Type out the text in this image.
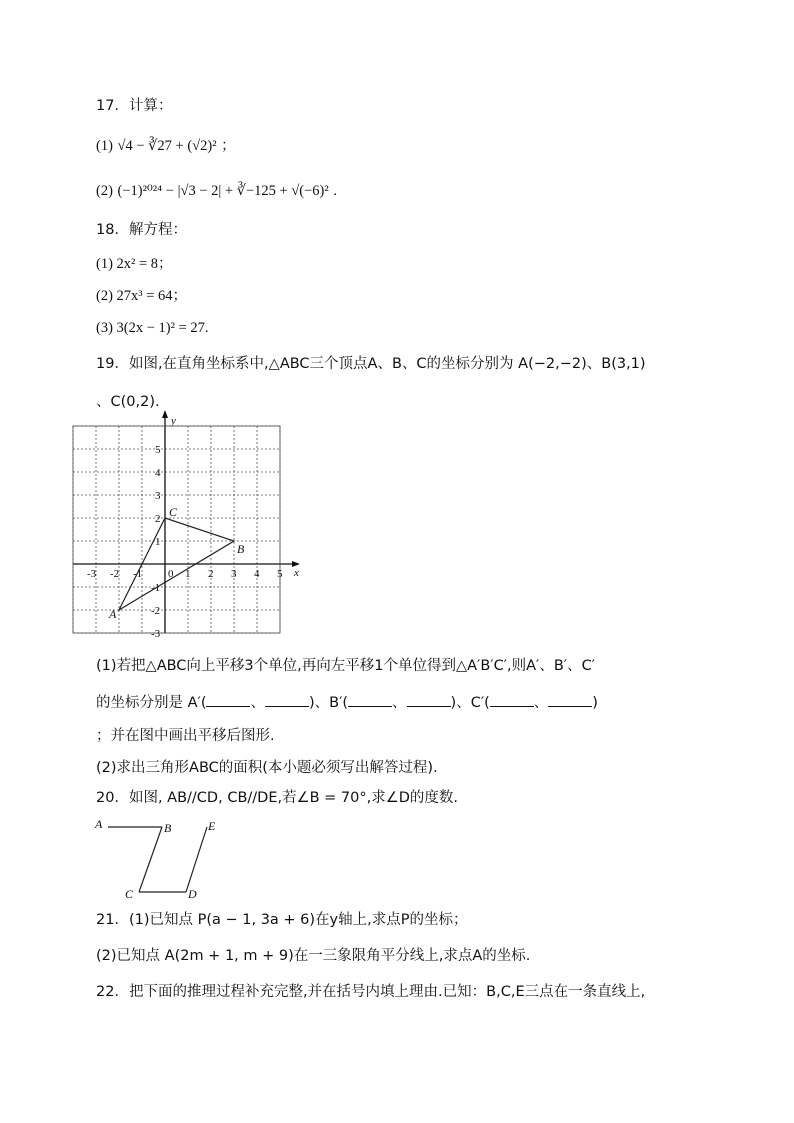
17．计算：
(1) √4 − ∛27 + (√2)² ；
(2) (−1)²⁰²⁴ − |√3 − 2| + ∛−125 + √(−6)² .
18．解方程：
(1) 2x² = 8；
(2) 27x³ = 64；
(3) 3(2x − 1)² = 27.
19．如图,在直角坐标系中,△ABC三个顶点A、B、C的坐标分别为 A(−2,−2)、B(3,1)
、C(0,2).
-3 -2 -1 0 1 2 3 4 5
5
4
3
2
1
-1
-2
-3
x
y
A
B
C
(1)若把△ABC向上平移3个单位,再向左平移1个单位得到△A′B′C′,则A′、B′、C′
的坐标分别是 A′(	、	)、B′(	、	)、C′(	、	)
；并在图中画出平移后图形.
(2)求出三角形ABC的面积(本小题必须写出解答过程).
20．如图, AB//CD, CB//DE,若∠B = 70°,求∠D的度数.
A	B
C	D
E
21．(1)已知点 P(a − 1, 3a + 6)在y轴上,求点P的坐标；
(2)已知点 A(2m + 1, m + 9)在一三象限角平分线上,求点A的坐标.
22．把下面的推理过程补充完整,并在括号内填上理由.已知：B,C,E三点在一条直线上,
